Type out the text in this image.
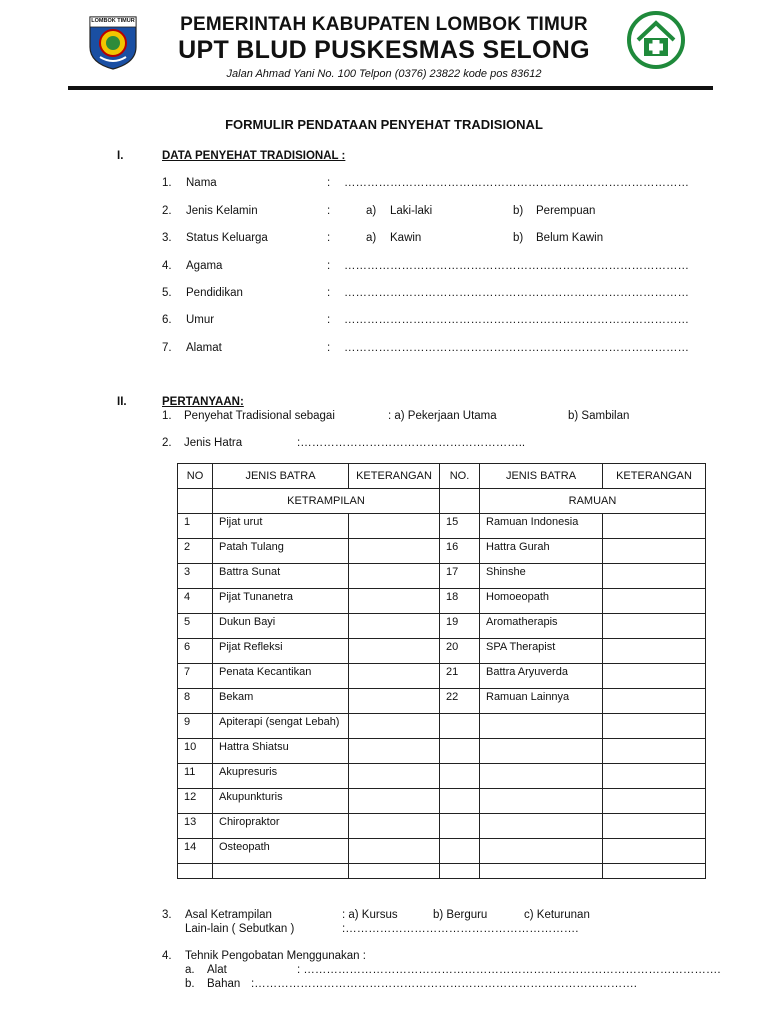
LOMBOK TIMUR	PEMERINTAH KABUPATEN LOMBOK TIMUR
UPT BLUD PUSKESMAS SELONG
Jalan Ahmad Yani No. 100 Telpon (0376) 23822 kode pos 83612
FORMULIR PENDATAAN PENYEHAT TRADISIONAL
I.	DATA PENYEHAT TRADISIONAL :
1. Nama	: ………………………………………………………………………………
2. Jenis Kelamin	:	a) Laki-laki	b) Perempuan
3. Status Keluarga	:	a) Kawin	b) Belum Kawin
4. Agama	: ………………………………………………………………………………
5. Pendidikan	: ………………………………………………………………………………
6. Umur	: ………………………………………………………………………………
7. Alamat	: ………………………………………………………………………………
II.	PERTANYAAN:
1. Penyehat Tradisional sebagai	: a) Pekerjaan Utama	b) Sambilan
2. Jenis Hatra	:…………………………………………………..
NO	JENIS BATRA	KETERANGAN	NO.	JENIS BATRA	KETERANGAN
	KETRAMPILAN			RAMUAN	
1	Pijat urut		15	Ramuan Indonesia	
2	Patah Tulang		16	Hattra Gurah	
3	Battra Sunat		17	Shinshe	
4	Pijat Tunanetra		18	Homoeopath	
5	Dukun Bayi		19	Aromatherapis	
6	Pijat Refleksi		20	SPA Therapist	
7	Penata Kecantikan		21	Battra Aryuverda	
8	Bekam		22	Ramuan Lainnya	
9	Apiterapi (sengat Lebah)				
10	Hattra Shiatsu				
11	Akupresuris				
12	Akupunkturis				
13	Chiropraktor				
14	Osteopath				

3. Asal Ketrampilan	: a) Kursus	b) Berguru	c) Keturunan
Lain-lain ( Sebutkan )	:…………………………………………………….
4. Tehnik Pengobatan Menggunakan :
a. Alat	: ……………………………………………………………………………………………….
b. Bahan :……………………………………………………………………………………….
